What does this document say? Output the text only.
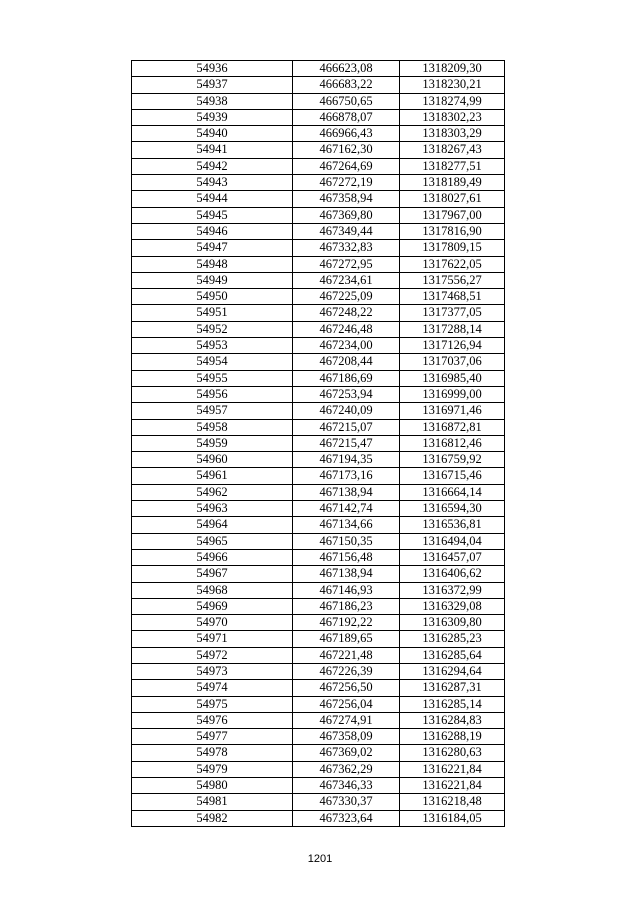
54936	466623,08	1318209,30
54937	466683,22	1318230,21
54938	466750,65	1318274,99
54939	466878,07	1318302,23
54940	466966,43	1318303,29
54941	467162,30	1318267,43
54942	467264,69	1318277,51
54943	467272,19	1318189,49
54944	467358,94	1318027,61
54945	467369,80	1317967,00
54946	467349,44	1317816,90
54947	467332,83	1317809,15
54948	467272,95	1317622,05
54949	467234,61	1317556,27
54950	467225,09	1317468,51
54951	467248,22	1317377,05
54952	467246,48	1317288,14
54953	467234,00	1317126,94
54954	467208,44	1317037,06
54955	467186,69	1316985,40
54956	467253,94	1316999,00
54957	467240,09	1316971,46
54958	467215,07	1316872,81
54959	467215,47	1316812,46
54960	467194,35	1316759,92
54961	467173,16	1316715,46
54962	467138,94	1316664,14
54963	467142,74	1316594,30
54964	467134,66	1316536,81
54965	467150,35	1316494,04
54966	467156,48	1316457,07
54967	467138,94	1316406,62
54968	467146,93	1316372,99
54969	467186,23	1316329,08
54970	467192,22	1316309,80
54971	467189,65	1316285,23
54972	467221,48	1316285,64
54973	467226,39	1316294,64
54974	467256,50	1316287,31
54975	467256,04	1316285,14
54976	467274,91	1316284,83
54977	467358,09	1316288,19
54978	467369,02	1316280,63
54979	467362,29	1316221,84
54980	467346,33	1316221,84
54981	467330,37	1316218,48
54982	467323,64	1316184,05
1201
